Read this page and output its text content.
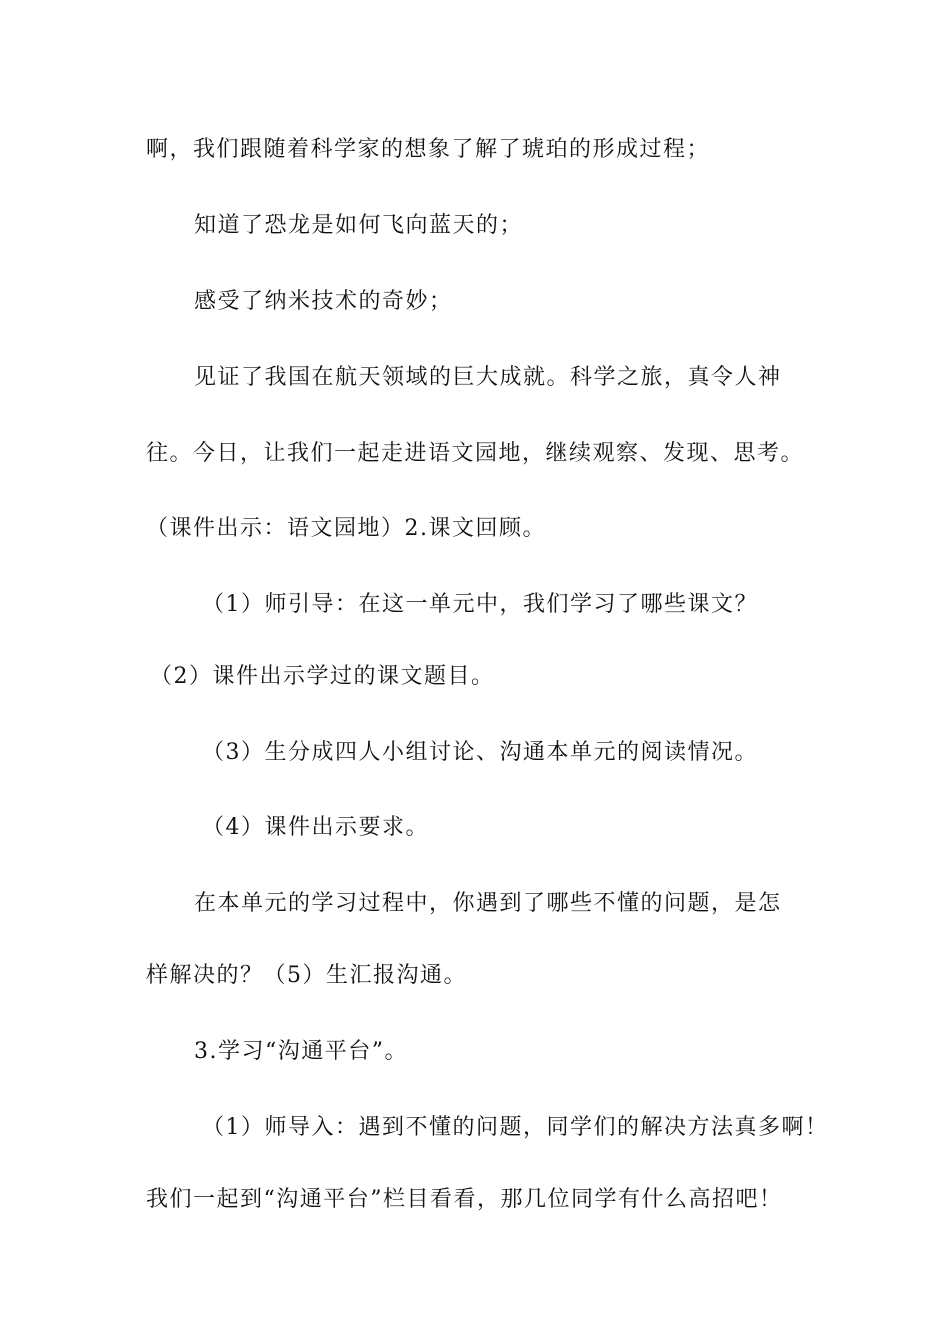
啊，我们跟随着科学家的想象了解了琥珀的形成过程；
知道了恐龙是如何飞向蓝天的；
感受了纳米技术的奇妙；
见证了我国在航天领域的巨大成就。科学之旅，真令人神
往。今日，让我们一起走进语文园地，继续观察、发现、思考。
（课件出示：语文园地）2.课文回顾。
（1）师引导：在这一单元中，我们学习了哪些课文？
（2）课件出示学过的课文题目。
（3）生分成四人小组讨论、沟通本单元的阅读情况。
（4）课件出示要求。
在本单元的学习过程中，你遇到了哪些不懂的问题，是怎
样解决的？（5）生汇报沟通。
3.学习“沟通平台”。
（1）师导入：遇到不懂的问题，同学们的解决方法真多啊！
我们一起到“沟通平台”栏目看看，那几位同学有什么高招吧！
